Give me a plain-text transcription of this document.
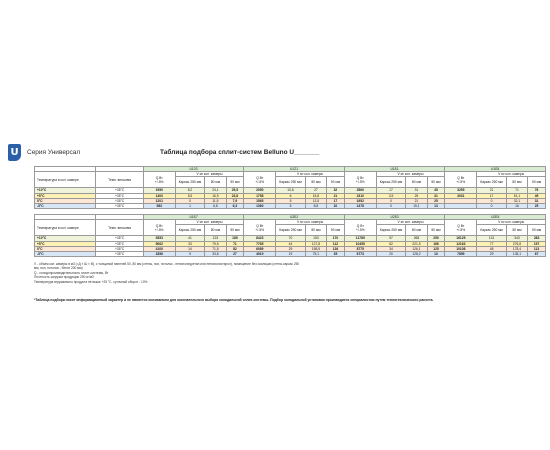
U	Серия Универсал	Таблица подбора сплит-систем Belluno U_______
		U1ЗЗ				U1Z1				U1Б1				U1Б5			
Температура в кол. камере	Темп. внешняя	Q Вт
+/-5%	V м³ кол. камеры			Q Вт
+/-5%	V м³ кол. камеры			Q Вт
+/-5%	V м³ кол. камеры			Q Вт
+/-5%	V м³ кол. камеры		
			Каркас 250 мм	80 мм	50 мм		Каркас 250 мм	80 мм	50 мм		Каркас 250 мм	80 мм	50 мм		Каркас 250 мм	80 мм	50 мм

+10°C	+35°C	1950	8,2	24,1	29,5	2050	10,6	27	32	2560	17	31	45	3255	21	71	76
+5°C	+35°C	1400	5,5	16,9	23,8	1758	6	15,8	21	2310	3,5	25	31	3031	17	51,1	49
0°C	+35°C	1201	0	11,5	7,9	1565	5	13,5	17	1952	0	21	25		0	32,1	31
-5°C	+35°C	983	1	6,8	6,3	1360	5	8,8	10	1478	0	15,1	13		0	16	25
		U1Б7				U2Б2				U2Б3				U2Б5			
Температура в кол. камере	Темп. внешняя	Q Вт
+/-5%	V м³ кол. камеры			Q Вт
+/-5%	V м³ кол. камеры			Q Вт
+/-5%	V м³ кол. камеры			Q Вт
+/-5%	V м³ кол. камеры		
			Каркас 250 мм	80 мм	50 мм		Каркас 250 мм	80 мм	50 мм		Каркас 250 мм	80 мм	50 мм		Каркас 250 мм	80 мм	50 мм

+10°C	+35°C	5353	41	123	185	8423	70	153	170	11789	97	268	250	16125	131	343	283
+5°C	+35°C	5062	33	79,5	71	7765	44	127,8	112	10455	62	221,5	166	12163	77	276,8	197
0°C	+35°C	4100	14	71,5	82	6089	29	158,5	126	8775	34	126,1	125	10108	48	178,4	113
-5°C	+35°C	3356	9	33,8	27	4919	19	75,1	35	6773	20	128,2	10	7859	29	135,1	67
V - объем кол. камеры в м3 (=Д × Ш × В), с толщиной панелей 50, 80 мм (стены, пол, потолок - пенополиуретан или пенополистирол), помещение без изоляции (стены каркас 250
мм, пол, потолок - бетон 200 мм)
Q - холодопроизводительность сплит-системы, Вт
Плотность загрузки продукции 250 кг/м3
Температура вгружаемого продукта не выше +25 °C, суточный оборот - 10%
*Таблица подбора носит информационный характер и не является основанием для окончательного выбора холодильной сплит-системы. Подбор холодильной установки производится специалистом путем теплотехнического расчета.
